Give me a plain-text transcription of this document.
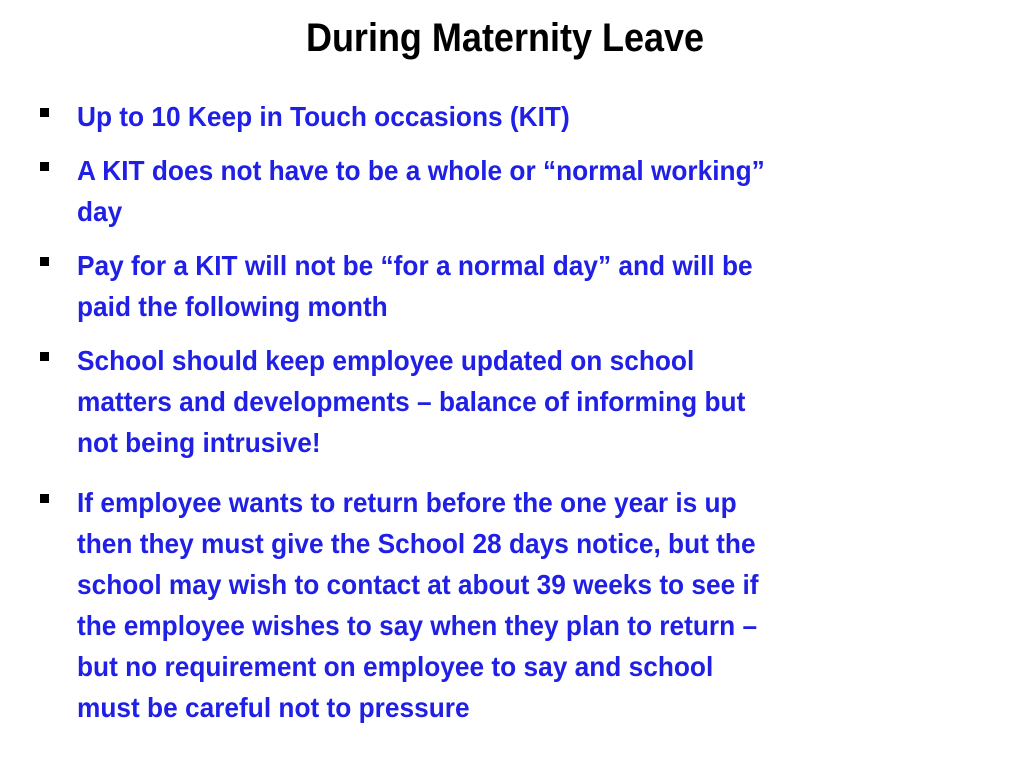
During Maternity Leave
Up to 10 Keep in Touch occasions (KIT)
A KIT does not have to be a whole or “normal working”
day
Pay for a KIT will not be “for a normal day” and will be
paid the following month
School should keep employee updated on school
matters and developments – balance of informing but
not being intrusive!
If employee wants to return before the one year is up
then they must give the School 28 days notice, but the
school may wish to contact at about 39 weeks to see if
the employee wishes to say when they plan to return –
but no requirement on employee to say and school
must be careful not to pressure
